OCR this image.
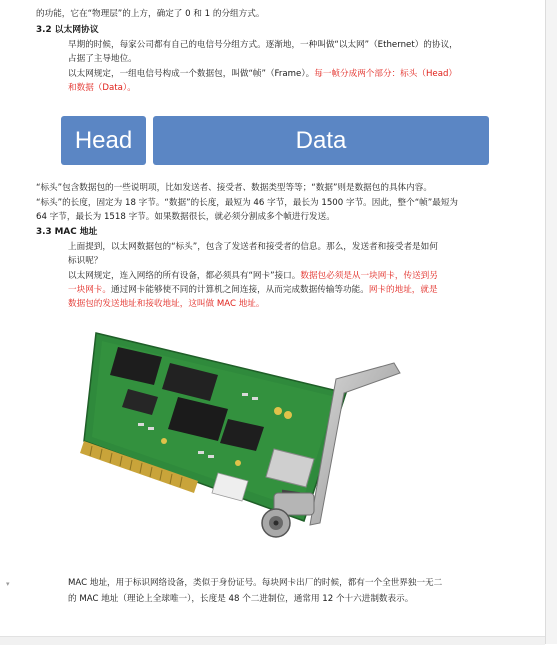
的功能，它在“物理层”的上方，确定了 0 和 1 的分组方式。
3.2 以太网协议
早期的时候，每家公司都有自己的电信号分组方式。逐渐地，一种叫做“以太网”（Ethernet）的协议，
占据了主导地位。
以太网规定，一组电信号构成一个数据包，叫做“帧”（Frame）。每一帧分成两个部分：标头（Head）
和数据（Data）。
Head	Data
“标头”包含数据包的一些说明项，比如发送者、接受者、数据类型等等；“数据”则是数据包的具体内容。
“标头”的长度，固定为 18 字节。“数据”的长度，最短为 46 字节，最长为 1500 字节。因此，整个“帧”最短为
64 字节，最长为 1518 字节。如果数据很长，就必须分割成多个帧进行发送。
3.3 MAC 地址
上面提到，以太网数据包的“标头”，包含了发送者和接受者的信息。那么，发送者和接受者是如何
标识呢？
以太网规定，连入网络的所有设备，都必须具有“网卡”接口。数据包必须是从一块网卡，传送到另
一块网卡。通过网卡能够使不同的计算机之间连接，从而完成数据传输等功能。网卡的地址，就是
数据包的发送地址和接收地址，这叫做 MAC 地址。
▾	MAC 地址，用于标识网络设备，类似于身份证号。每块网卡出厂的时候，都有一个全世界独一无二
的 MAC 地址（理论上全球唯一），长度是 48 个二进制位，通常用 12 个十六进制数表示。
